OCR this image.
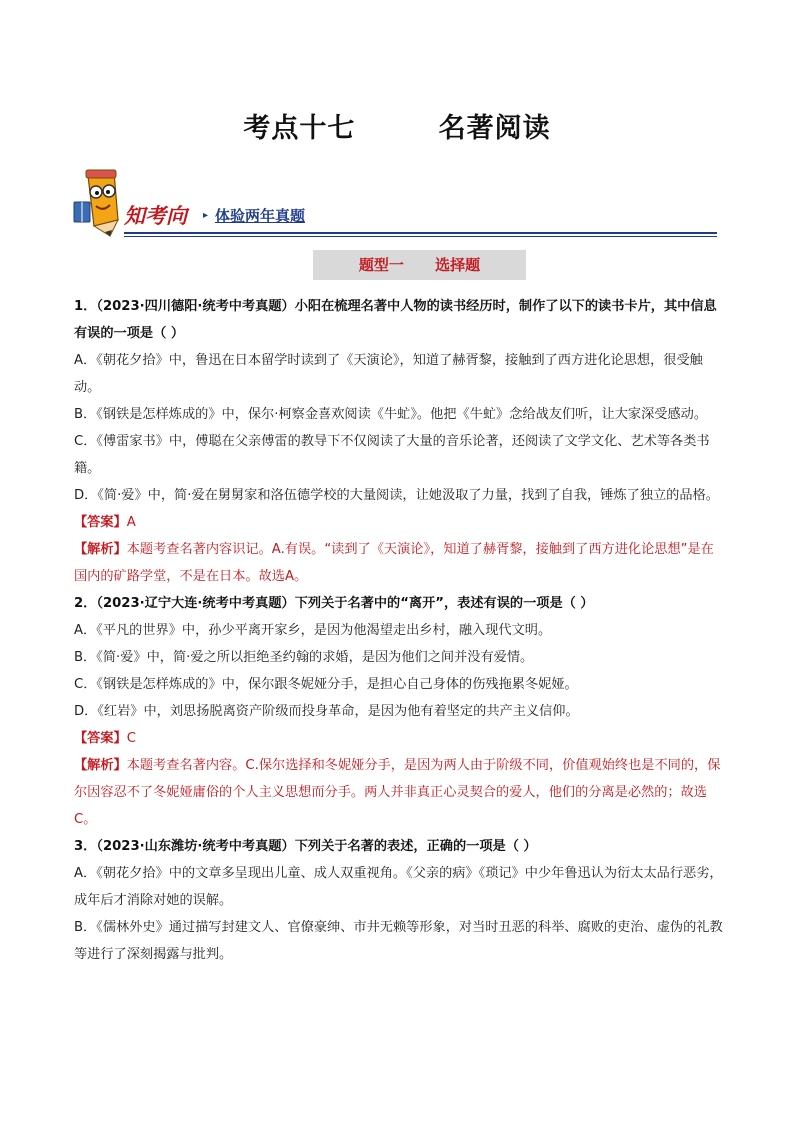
考点十七        名著阅读
知考向 ▸ 体验两年真题
题型一      选择题

1．（2023·四川德阳·统考中考真题）小阳在梳理名著中人物的读书经历时，制作了以下的读书卡片，其中信息有误的一项是（ ）

A．《朝花夕拾》中，鲁迅在日本留学时读到了《天演论》，知道了赫胥黎，接触到了西方进化论思想，很受触动。

B．《钢铁是怎样炼成的》中，保尔·柯察金喜欢阅读《牛虻》。他把《牛虻》念给战友们听，让大家深受感动。

C．《傅雷家书》中，傅聪在父亲傅雷的教导下不仅阅读了大量的音乐论著，还阅读了文学文化、艺术等各类书籍。

D．《简·爱》中，简·爱在舅舅家和洛伍德学校的大量阅读，让她汲取了力量，找到了自我，锤炼了独立的品格。

【答案】A

【解析】本题考查名著内容识记。A.有误。“读到了《天演论》，知道了赫胥黎，接触到了西方进化论思想”是在国内的矿路学堂，不是在日本。故选A。

2．（2023·辽宁大连·统考中考真题）下列关于名著中的“离开”，表述有误的一项是（ ）

A．《平凡的世界》中，孙少平离开家乡，是因为他渴望走出乡村，融入现代文明。

B．《简·爱》中，简·爱之所以拒绝圣约翰的求婚，是因为他们之间并没有爱情。

C．《钢铁是怎样炼成的》中，保尔跟冬妮娅分手，是担心自己身体的伤残拖累冬妮娅。

D．《红岩》中，刘思扬脱离资产阶级而投身革命，是因为他有着坚定的共产主义信仰。

【答案】C

【解析】本题考查名著内容。C.保尔选择和冬妮娅分手，是因为两人由于阶级不同，价值观始终也是不同的，保尔因容忍不了冬妮娅庸俗的个人主义思想而分手。两人并非真正心灵契合的爱人，他们的分离是必然的；故选C。

3．（2023·山东潍坊·统考中考真题）下列关于名著的表述，正确的一项是（ ）

A．《朝花夕拾》中的文章多呈现出儿童、成人双重视角。《父亲的病》《琐记》中少年鲁迅认为衍太太品行恶劣，成年后才消除对她的误解。

B．《儒林外史》通过描写封建文人、官僚豪绅、市井无赖等形象，对当时丑恶的科举、腐败的吏治、虚伪的礼教等进行了深刻揭露与批判。
